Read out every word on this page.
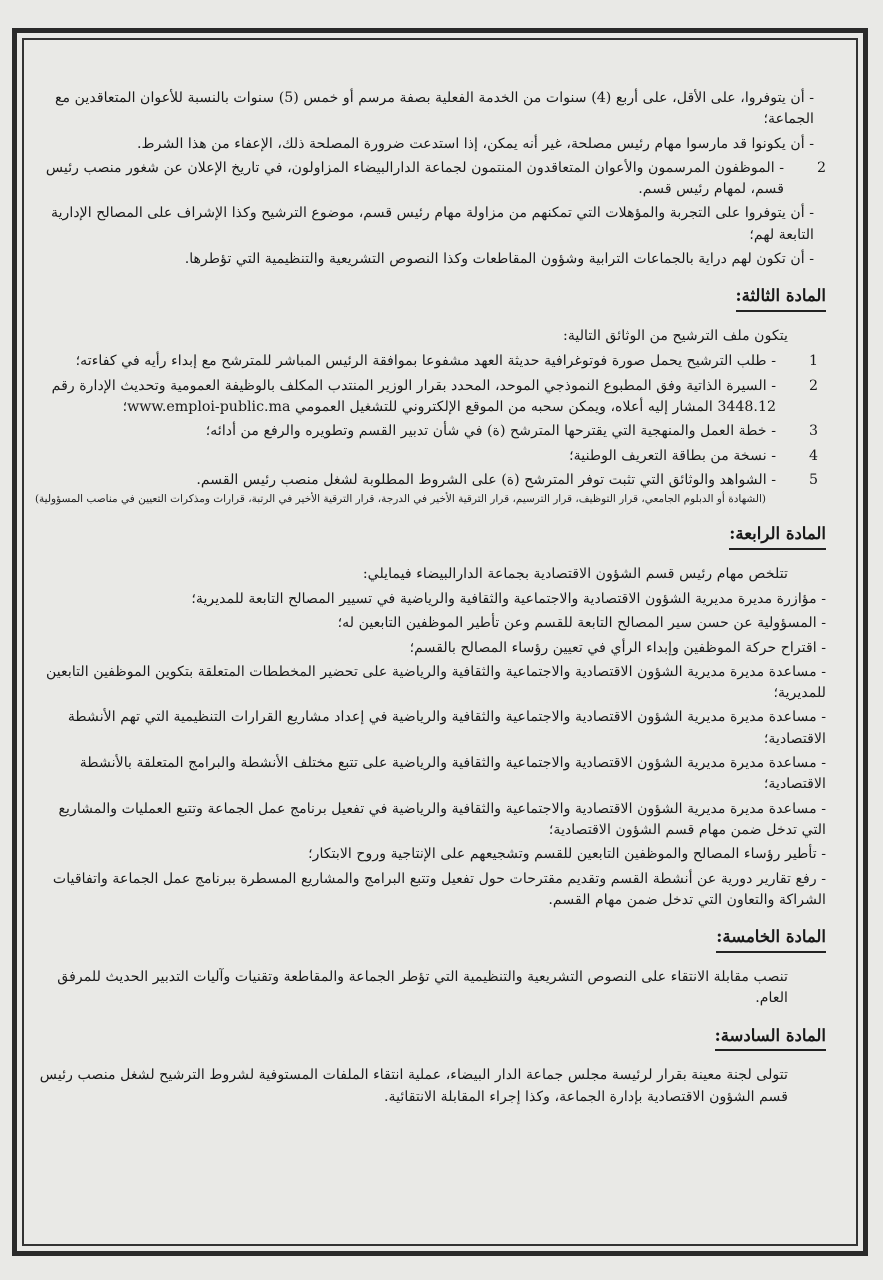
- أن يتوفروا، على الأقل، على أربع (4) سنوات من الخدمة الفعلية بصفة مرسم أو خمس (5) سنوات بالنسبة للأعوان المتعاقدين مع الجماعة؛

- أن يكونوا قد مارسوا مهام رئيس مصلحة، غير أنه يمكن، إذا استدعت ضرورة المصلحة ذلك، الإعفاء من هذا الشرط.

2
- الموظفون المرسمون والأعوان المتعاقدون المنتمون لجماعة الدارالبيضاء المزاولون، في تاريخ الإعلان عن شغور منصب رئيس قسم، لمهام رئيس قسم.

- أن يتوفروا على التجربة والمؤهلات التي تمكنهم من مزاولة مهام رئيس قسم، موضوع الترشيح وكذا الإشراف على المصالح الإدارية التابعة لهم؛

- أن تكون لهم دراية بالجماعات الترابية وشؤون المقاطعات وكذا النصوص التشريعية والتنظيمية التي تؤطرها.

المادة الثالثة:

يتكون ملف الترشيح من الوثائق التالية:

1
- طلب الترشيح يحمل صورة فوتوغرافية حديثة العهد مشفوعا بموافقة الرئيس المباشر للمترشح مع إبداء رأيه في كفاءته؛
2
- السيرة الذاتية وفق المطبوع النموذجي الموحد، المحدد بقرار الوزير المنتدب المكلف بالوظيفة العمومية وتحديث الإدارة رقم 3448.12 المشار إليه أعلاه، ويمكن سحبه من الموقع الإلكتروني للتشغيل العمومي www.emploi-public.ma؛
3
- خطة العمل والمنهجية التي يقترحها المترشح (ة) في شأن تدبير القسم وتطويره والرفع من أدائه؛
4
- نسخة من بطاقة التعريف الوطنية؛
5
- الشواهد والوثائق التي تثبت توفر المترشح (ة) على الشروط المطلوبة لشغل منصب رئيس القسم.

(الشهادة أو الدبلوم الجامعي، قرار التوظيف، قرار الترسيم، قرار الترقية الأخير في الدرجة، قرار الترقية الأخير في الرتبة، قرارات ومذكرات التعيين في مناصب المسؤولية)

المادة الرابعة:

تتلخص مهام رئيس قسم الشؤون الاقتصادية بجماعة الدارالبيضاء فيمايلي:

- مؤازرة مديرة مديرية الشؤون الاقتصادية والاجتماعية والثقافية والرياضية في تسيير المصالح التابعة للمديرية؛

- المسؤولية عن حسن سير المصالح التابعة للقسم وعن تأطير الموظفين التابعين له؛

- اقتراح حركة الموظفين وإبداء الرأي في تعيين رؤساء المصالح بالقسم؛

- مساعدة مديرة مديرية الشؤون الاقتصادية والاجتماعية والثقافية والرياضية على تحضير المخططات المتعلقة بتكوين الموظفين التابعين للمديرية؛

- مساعدة مديرة مديرية الشؤون الاقتصادية والاجتماعية والثقافية والرياضية في إعداد مشاريع القرارات التنظيمية التي تهم الأنشطة الاقتصادية؛

- مساعدة مديرة مديرية الشؤون الاقتصادية والاجتماعية والثقافية والرياضية على تتبع مختلف الأنشطة والبرامج المتعلقة بالأنشطة الاقتصادية؛

- مساعدة مديرة مديرية الشؤون الاقتصادية والاجتماعية والثقافية والرياضية في تفعيل برنامج عمل الجماعة وتتبع العمليات والمشاريع التي تدخل ضمن مهام قسم الشؤون الاقتصادية؛

- تأطير رؤساء المصالح والموظفين التابعين للقسم وتشجيعهم على الإنتاجية وروح الابتكار؛

- رفع تقارير دورية عن أنشطة القسم وتقديم مقترحات حول تفعيل وتتبع البرامج والمشاريع المسطرة ببرنامج عمل الجماعة واتفاقيات الشراكة والتعاون التي تدخل ضمن مهام القسم.

المادة الخامسة:

تنصب مقابلة الانتقاء على النصوص التشريعية والتنظيمية التي تؤطر الجماعة والمقاطعة وتقنيات وآليات التدبير الحديث للمرفق العام.

المادة السادسة:

تتولى لجنة معينة بقرار لرئيسة مجلس جماعة الدار البيضاء، عملية انتقاء الملفات المستوفية لشروط الترشيح لشغل منصب رئيس قسم الشؤون الاقتصادية بإدارة الجماعة، وكذا إجراء المقابلة الانتقائية.
